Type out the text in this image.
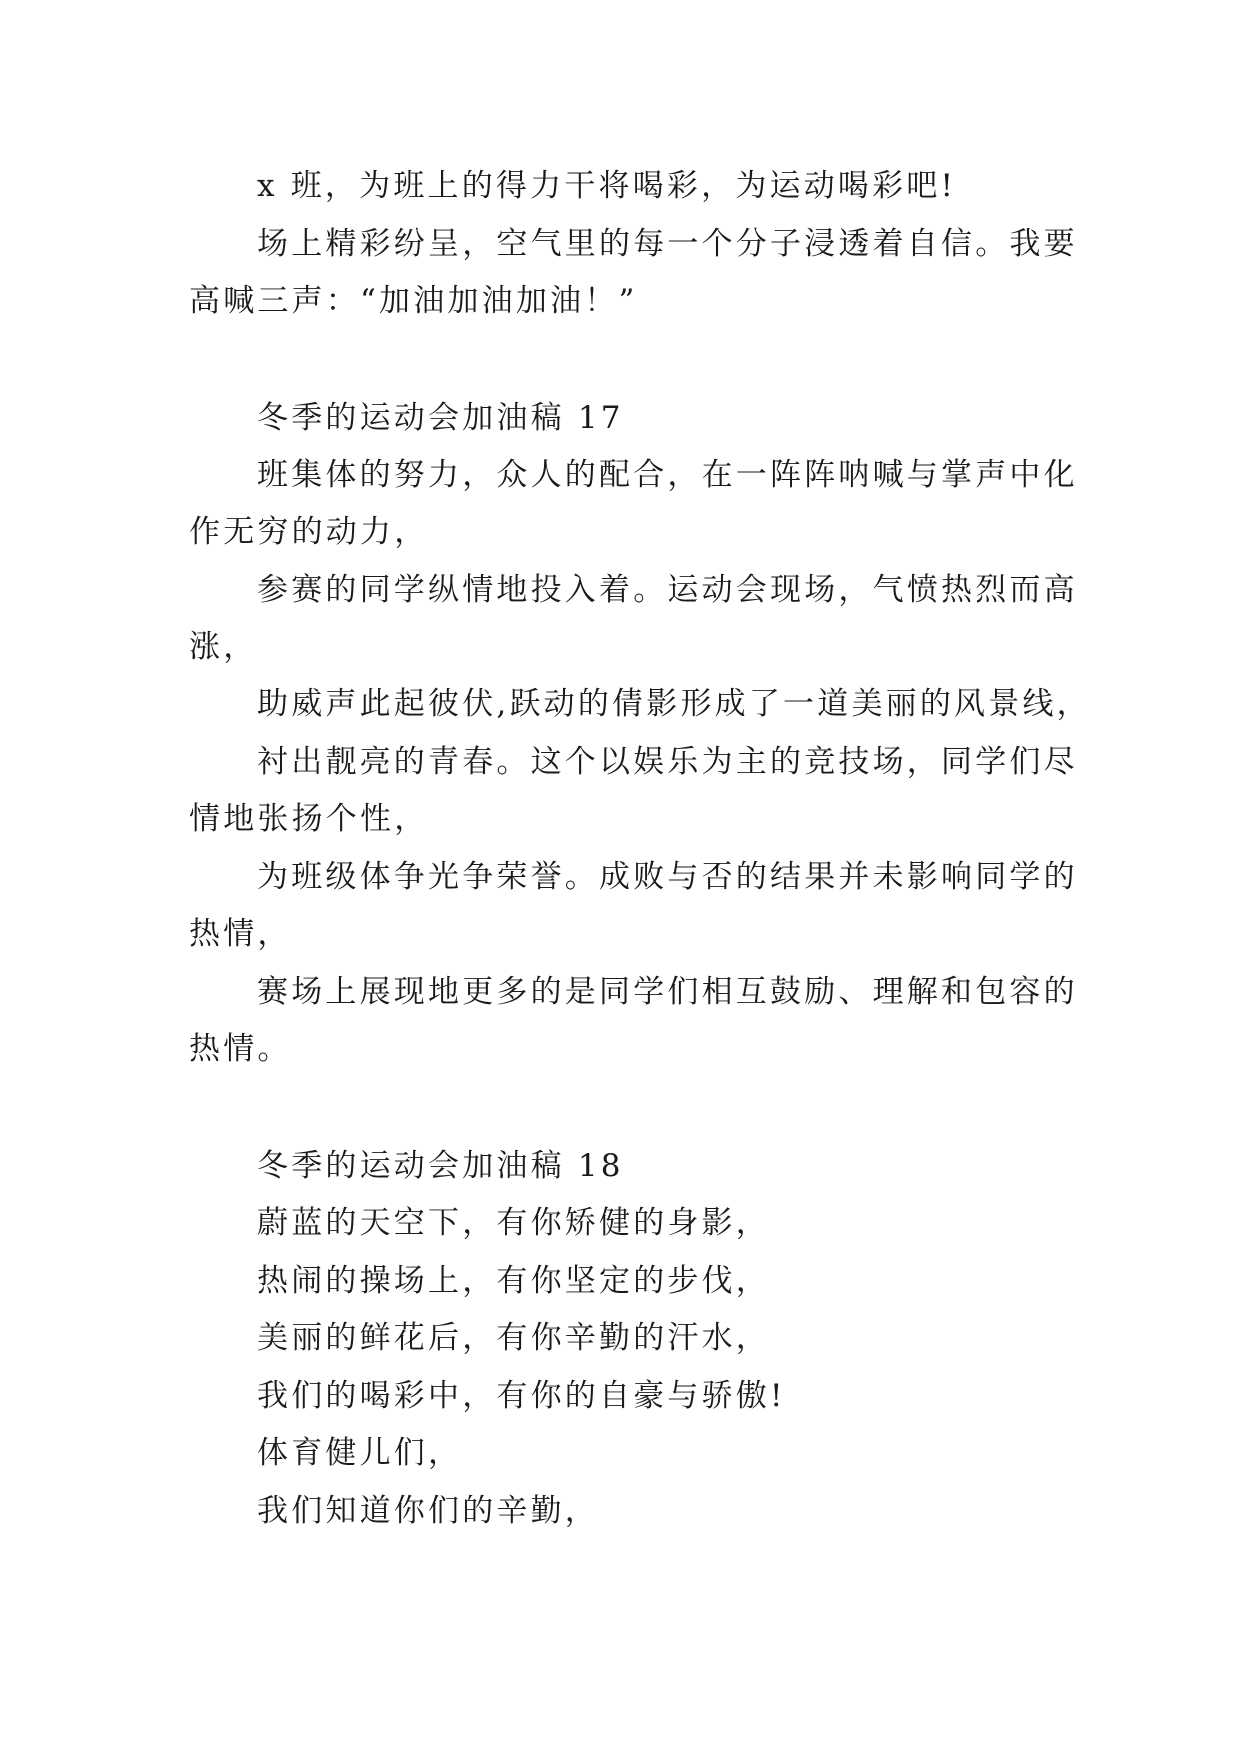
x 班，为班上的得力干将喝彩，为运动喝彩吧!

场上精彩纷呈，空气里的每一个分子浸透着自信。我要

高喊三声：“加油加油加油！”

冬季的运动会加油稿 17

班集体的努力，众人的配合，在一阵阵呐喊与掌声中化

作无穷的动力，

参赛的同学纵情地投入着。运动会现场，气愤热烈而高

涨，

助威声此起彼伏,跃动的倩影形成了一道美丽的风景线，

衬出靓亮的青春。这个以娱乐为主的竞技场，同学们尽

情地张扬个性，

为班级体争光争荣誉。成败与否的结果并未影响同学的

热情，

赛场上展现地更多的是同学们相互鼓励、理解和包容的

热情。

冬季的运动会加油稿 18

蔚蓝的天空下，有你矫健的身影，

热闹的操场上，有你坚定的步伐，

美丽的鲜花后，有你辛勤的汗水，

我们的喝彩中，有你的自豪与骄傲!

体育健儿们，

我们知道你们的辛勤，
